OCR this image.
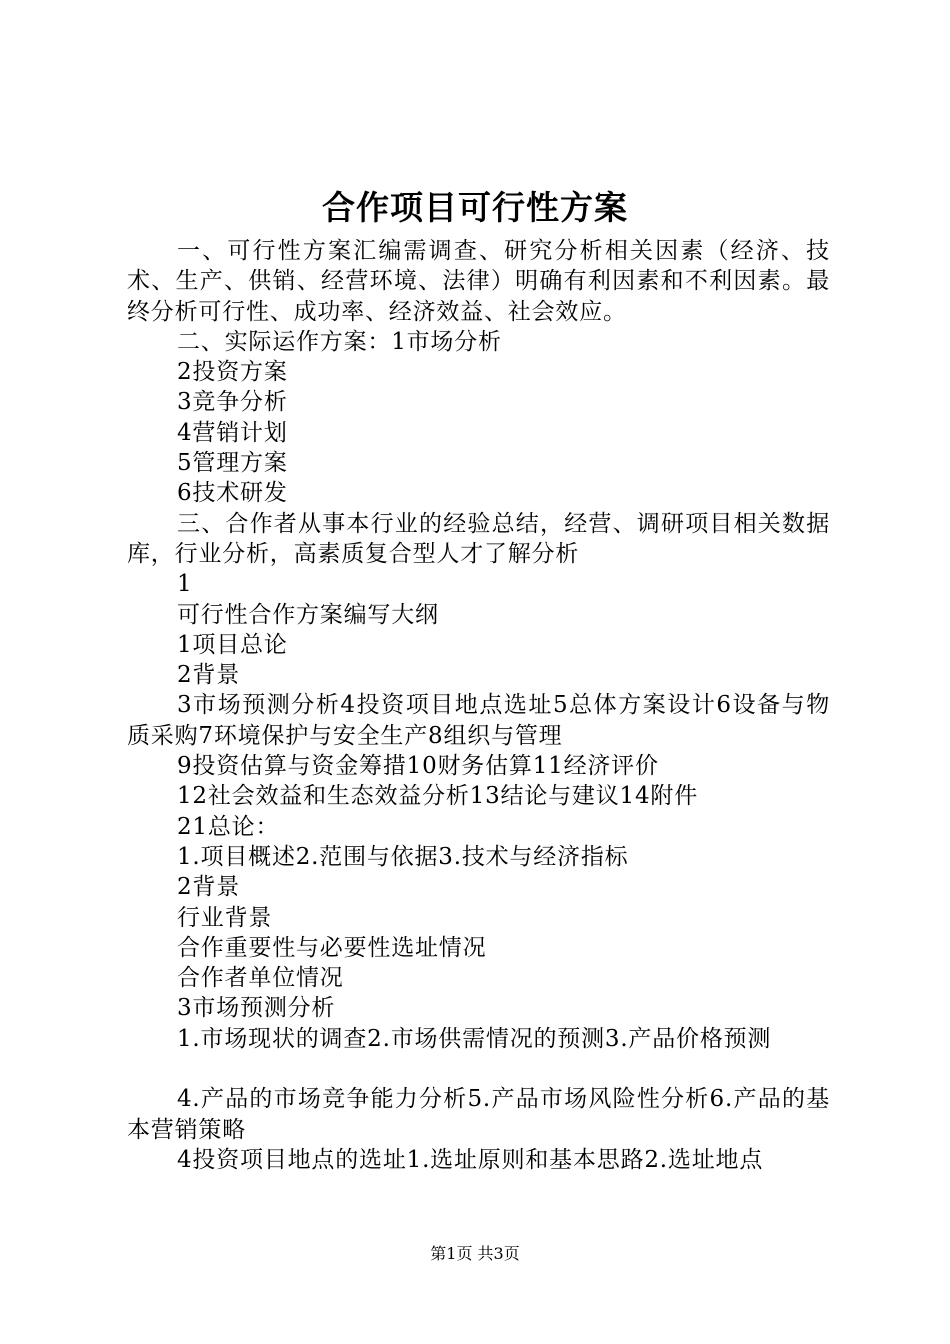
合作项目可行性方案

一、可行性方案汇编需调查、研究分析相关因素（经济、技术、生产、供销、经营环境、法律）明确有利因素和不利因素。最终分析可行性、成功率、经济效益、社会效应。

二、实际运作方案：1市场分析

2投资方案

3竞争分析

4营销计划

5管理方案

6技术研发

三、合作者从事本行业的经验总结，经营、调研项目相关数据库，行业分析，高素质复合型人才了解分析

1

可行性合作方案编写大纲

1项目总论

2背景

3市场预测分析4投资项目地点选址5总体方案设计6设备与物质采购7环境保护与安全生产8组织与管理

9投资估算与资金筹措10财务估算11经济评价

12社会效益和生态效益分析13结论与建议14附件

21总论：

1.项目概述2.范围与依据3.技术与经济指标

2背景

行业背景

合作重要性与必要性选址情况

合作者单位情况

3市场预测分析

1.市场现状的调查2.市场供需情况的预测3.产品价格预测

4.产品的市场竞争能力分析5.产品市场风险性分析6.产品的基本营销策略

4投资项目地点的选址1.选址原则和基本思路2.选址地点

第1页 共3页
